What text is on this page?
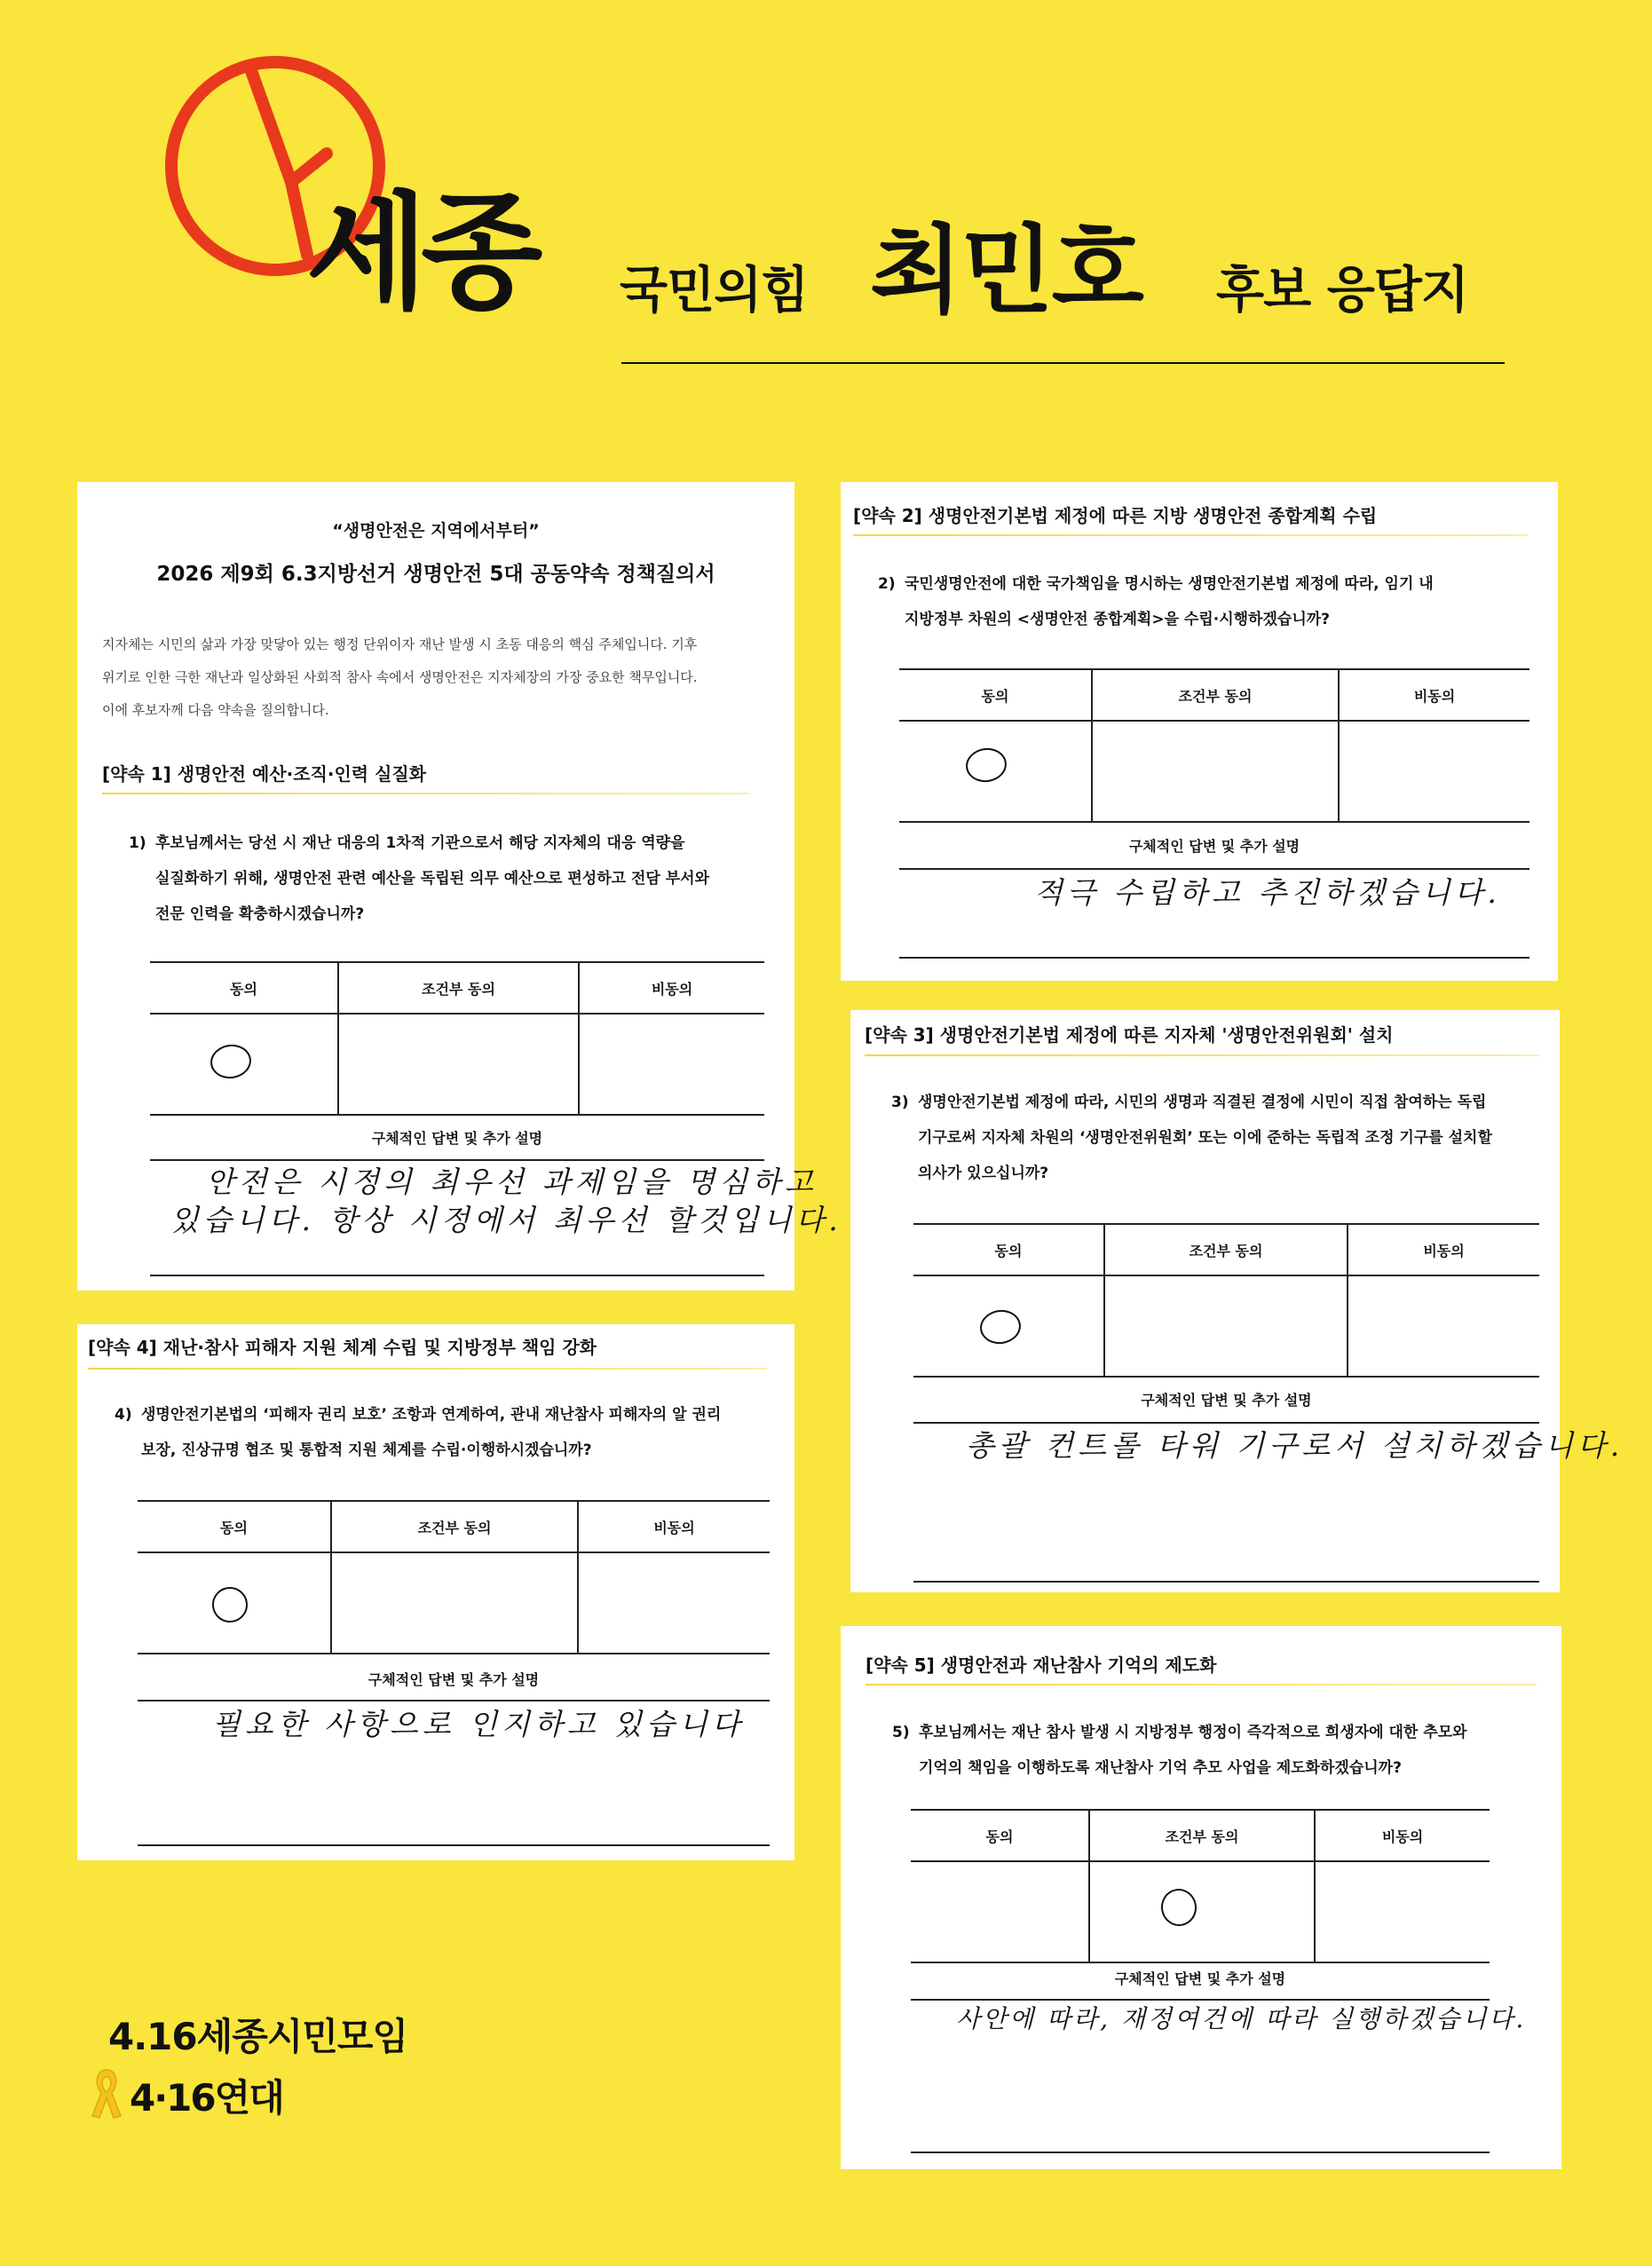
세종 국민의힘 최민호 후보 응답지
“생명안전은 지역에서부터”
2026 제9회 6.3지방선거 생명안전 5대 공동약속 정책질의서
지자체는 시민의 삶과 가장 맞닿아 있는 행정 단위이자 재난 발생 시 초동 대응의 핵심 주체입니다. 기후
위기로 인한 극한 재난과 일상화된 사회적 참사 속에서 생명안전은 지자체장의 가장 중요한 책무입니다.
이에 후보자께 다음 약속을 질의합니다.
[약속 1] 생명안전 예산·조직·인력 실질화
1) 후보님께서는 당선 시 재난 대응의 1차적 기관으로서 해당 지자체의 대응 역량을
실질화하기 위해, 생명안전 관련 예산을 독립된 의무 예산으로 편성하고 전담 부서와
전문 인력을 확충하시겠습니까?
동의	조건부 동의	비동의

구체적인 답변 및 추가 설명
안전은 시정의 최우선 과제임을 명심하고
있습니다. 항상 시정에서 최우선 할것입니다.
[약속 2] 생명안전기본법 제정에 따른 지방 생명안전 종합계획 수립
2) 국민생명안전에 대한 국가책임을 명시하는 생명안전기본법 제정에 따라, 임기 내
지방정부 차원의 <생명안전 종합계획>을 수립·시행하겠습니까?
동의	조건부 동의	비동의

구체적인 답변 및 추가 설명
적극 수립하고 추진하겠습니다.
[약속 3] 생명안전기본법 제정에 따른 지자체 '생명안전위원회' 설치
3) 생명안전기본법 제정에 따라, 시민의 생명과 직결된 결정에 시민이 직접 참여하는 독립
기구로써 지자체 차원의 ‘생명안전위원회’ 또는 이에 준하는 독립적 조정 기구를 설치할
의사가 있으십니까?
동의	조건부 동의	비동의

구체적인 답변 및 추가 설명
총괄 컨트롤 타워 기구로서 설치하겠습니다.
[약속 4] 재난·참사 피해자 지원 체계 수립 및 지방정부 책임 강화
4) 생명안전기본법의 ‘피해자 권리 보호’ 조항과 연계하여, 관내 재난참사 피해자의 알 권리
보장, 진상규명 협조 및 통합적 지원 체계를 수립·이행하시겠습니까?
동의	조건부 동의	비동의

구체적인 답변 및 추가 설명
필요한 사항으로 인지하고 있습니다
[약속 5] 생명안전과 재난참사 기억의 제도화
5) 후보님께서는 재난 참사 발생 시 지방정부 행정이 즉각적으로 희생자에 대한 추모와
기억의 책임을 이행하도록 재난참사 기억 추모 사업을 제도화하겠습니까?
동의	조건부 동의	비동의

구체적인 답변 및 추가 설명
사안에 따라, 재정여건에 따라 실행하겠습니다.
4.16세종시민모임
4·16연대
